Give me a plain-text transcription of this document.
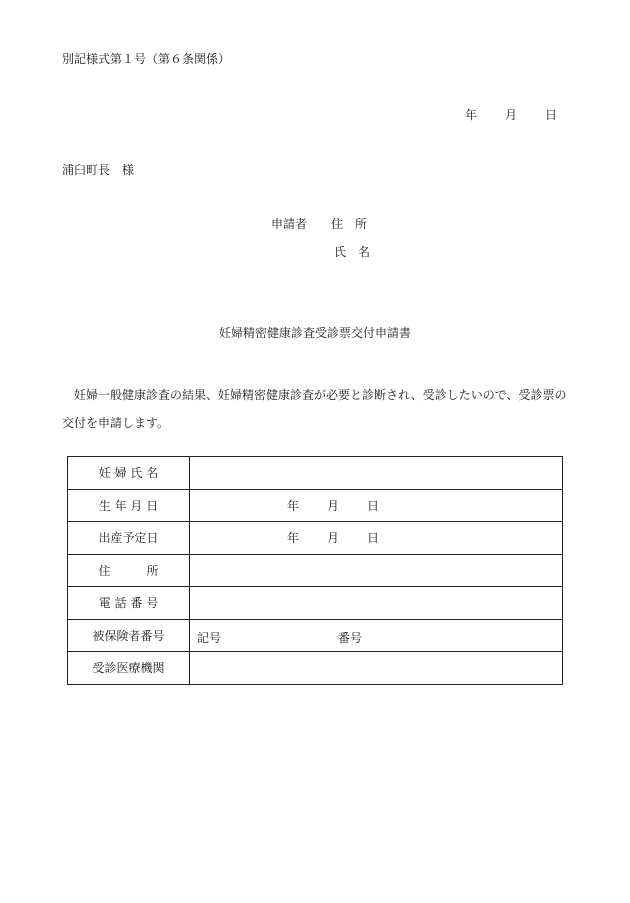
別記様式第１号（第６条関係）
年 月 日
浦臼町長　様
申請者　　住　所
氏　名
妊婦精密健康診査受診票交付申請書
　妊婦一般健康診査の結果、妊婦精密健康診査が必要と診断され、受診したいので、受診票の交付を申請します。
妊 婦 氏 名	
生 年 月 日	年 月 日

出産予定日	年 月 日

住　　　所	
電 話 番 号	
被保険者番号	記号 番号

受診医療機関	
